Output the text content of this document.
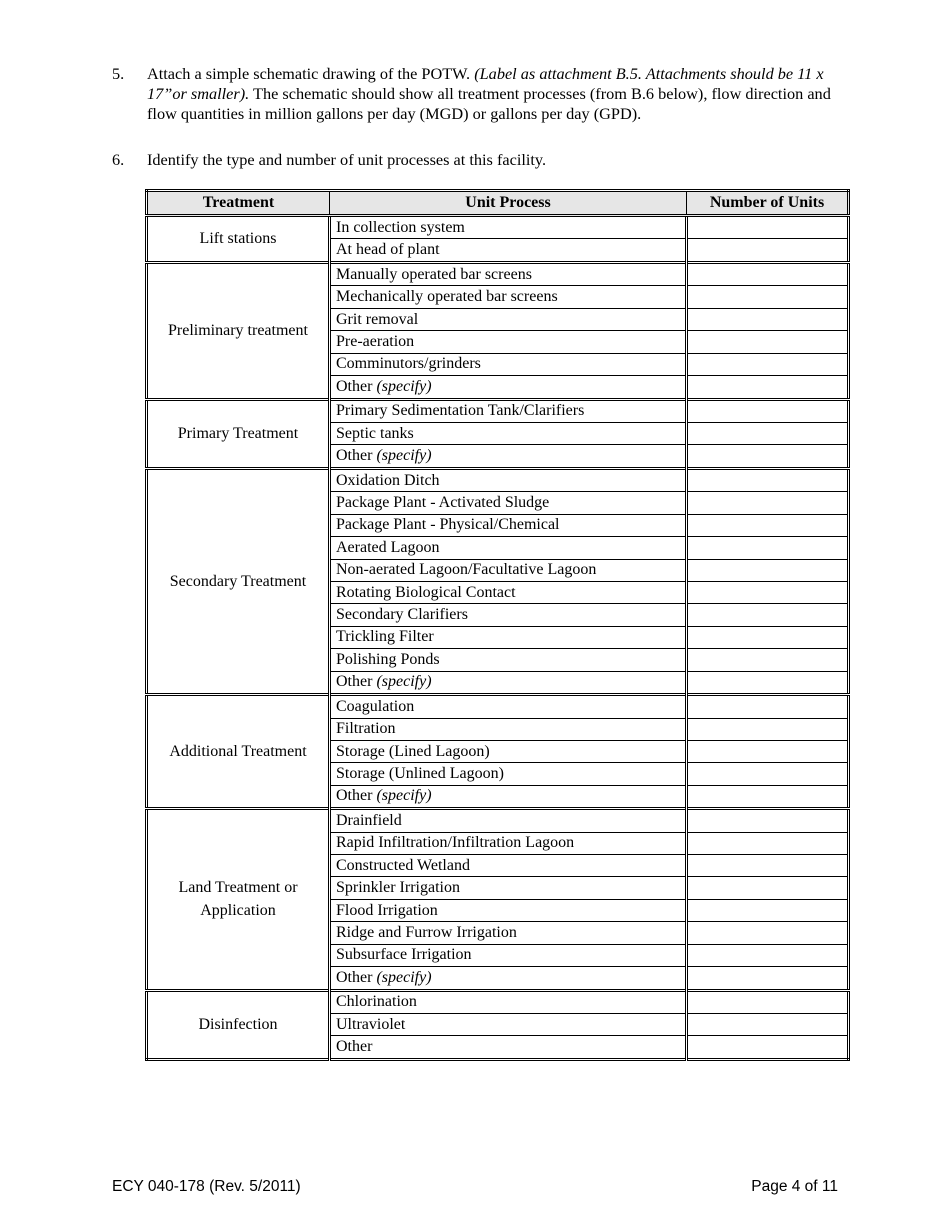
5. Attach a simple schematic drawing of the POTW. (Label as attachment B.5. Attachments should be 11 x 17”or smaller). The schematic should show all treatment processes (from B.6 below), flow direction and flow quantities in million gallons per day (MGD) or gallons per day (GPD).
6. Identify the type and number of unit processes at this facility.
Treatment	Unit Process	Number of Units
Lift stations	In collection system	
	At head of plant	
Preliminary treatment	Manually operated bar screens	
	Mechanically operated bar screens	
	Grit removal	
	Pre-aeration	
	Comminutors/grinders	
	Other (specify)	
Primary Treatment	Primary Sedimentation Tank/Clarifiers	
	Septic tanks	
	Other (specify)	
Secondary Treatment	Oxidation Ditch	
	Package Plant - Activated Sludge	
	Package Plant - Physical/Chemical	
	Aerated Lagoon	
	Non-aerated Lagoon/Facultative Lagoon	
	Rotating Biological Contact	
	Secondary Clarifiers	
	Trickling Filter	
	Polishing Ponds	
	Other (specify)	
Additional Treatment	Coagulation	
	Filtration	
	Storage (Lined Lagoon)	
	Storage (Unlined Lagoon)	
	Other (specify)	
Land Treatment or Application	Drainfield	
	Rapid Infiltration/Infiltration Lagoon	
	Constructed Wetland	
	Sprinkler Irrigation	
	Flood Irrigation	
	Ridge and Furrow Irrigation	
	Subsurface Irrigation	
	Other (specify)	
Disinfection	Chlorination	
	Ultraviolet	
	Other	
ECY 040-178 (Rev. 5/2011)	Page 4 of 11
